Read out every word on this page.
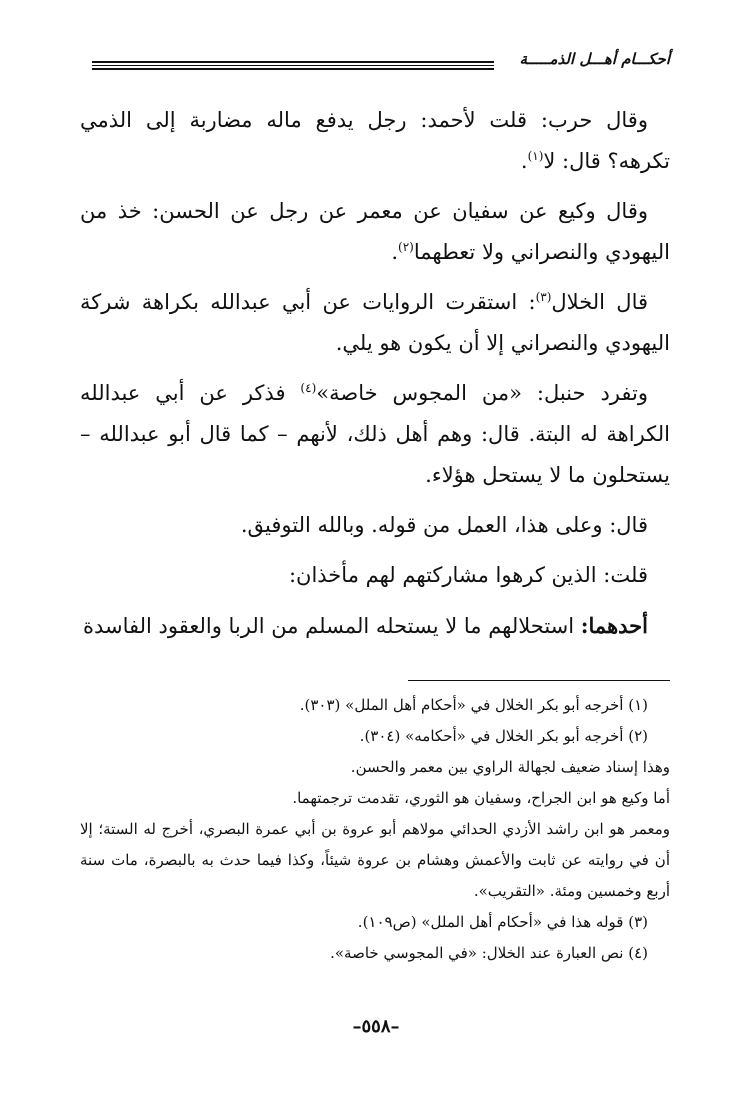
أحكـــام أهـــل الذمـــــة

وقال حرب: قلت لأحمد: رجل يدفع ماله مضاربة إلى الذمي تكرهه؟ قال: لا$^{(١)}$.

وقال وكيع عن سفيان عن معمر عن رجل عن الحسن: خذ من اليهودي والنصراني ولا تعطهما$^{(٢)}$.

قال الخلال$^{(٣)}$: استقرت الروايات عن أبي عبدالله بكراهة شركة اليهودي والنصراني إلا أن يكون هو يلي.

وتفرد حنبل: «من المجوس خاصة»$^{(٤)}$ فذكر عن أبي عبدالله الكراهة له البتة. قال: وهم أهل ذلك، لأنهم – كما قال أبو عبدالله – يستحلون ما لا يستحل هؤلاء.

قال: وعلى هذا، العمل من قوله. وبالله التوفيق.

قلت: الذين كرهوا مشاركتهم لهم مأخذان:

أحدهما: استحلالهم ما لا يستحله المسلم من الربا والعقود الفاسدة

(١) أخرجه أبو بكر الخلال في «أحكام أهل الملل» (٣٠٣).

(٢) أخرجه أبو بكر الخلال في «أحكامه» (٣٠٤).

وهذا إسناد ضعيف لجهالة الراوي بين معمر والحسن.

أما وكيع هو ابن الجراح، وسفيان هو الثوري، تقدمت ترجمتهما.

ومعمر هو ابن راشد الأزدي الحدائي مولاهم أبو عروة بن أبي عمرة البصري، أخرج له الستة؛ إلا أن في روايته عن ثابت والأعمش وهشام بن عروة شيئاً، وكذا فيما حدث به بالبصرة، مات سنة أربع وخمسين ومئة. «التقريب».

(٣) قوله هذا في «أحكام أهل الملل» (ص١٠٩).

(٤) نص العبارة عند الخلال: «في المجوسي خاصة».

–٥٥٨–
